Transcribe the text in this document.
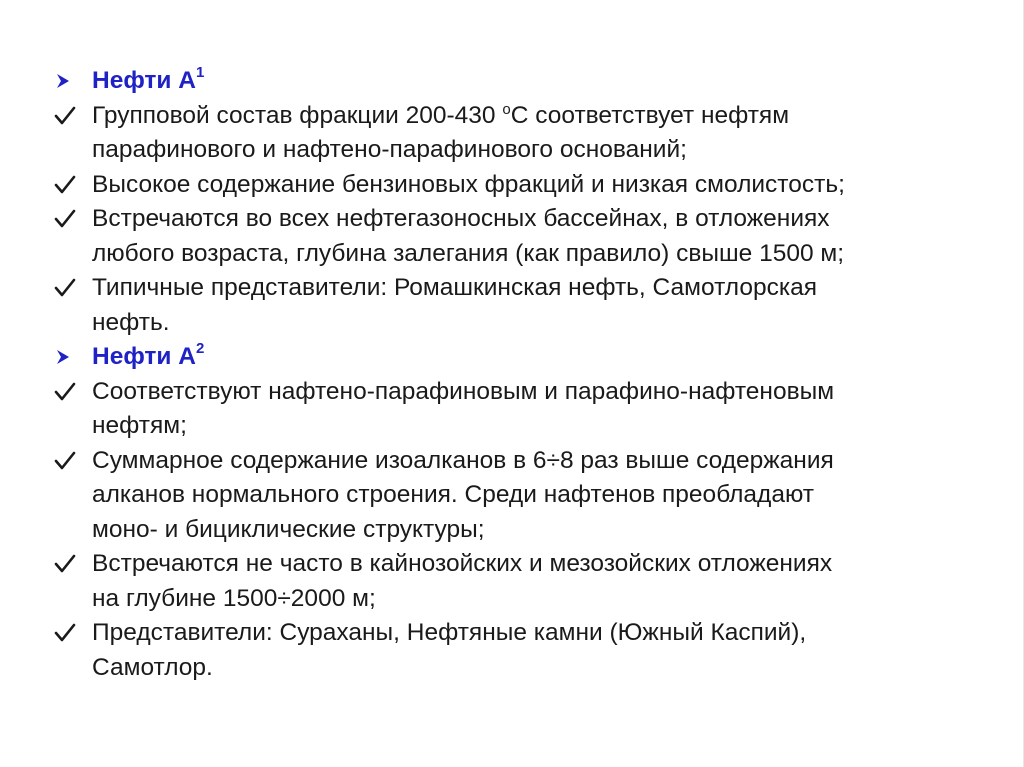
Нефти $А^1$
Групповой состав фракции 200-430 $^о$С соответствует нефтям
парафинового и нафтено-парафинового оснований;
Высокое содержание бензиновых фракций и низкая смолистость;
Встречаются во всех нефтегазоносных бассейнах, в отложениях
любого возраста, глубина залегания (как правило) свыше 1500 м;
Типичные представители: Ромашкинская нефть, Самотлорская
нефть.
Нефти $А^2$
Соответствуют нафтено-парафиновым и парафино-нафтеновым
нефтям;
Суммарное содержание изоалканов в 6÷8 раз выше содержания
алканов нормального строения. Среди нафтенов преобладают
моно- и бициклические структуры;
Встречаются не часто в кайнозойских и мезозойских отложениях
на глубине 1500÷2000 м;
Представители: Сураханы, Нефтяные камни (Южный Каспий),
Самотлор.
